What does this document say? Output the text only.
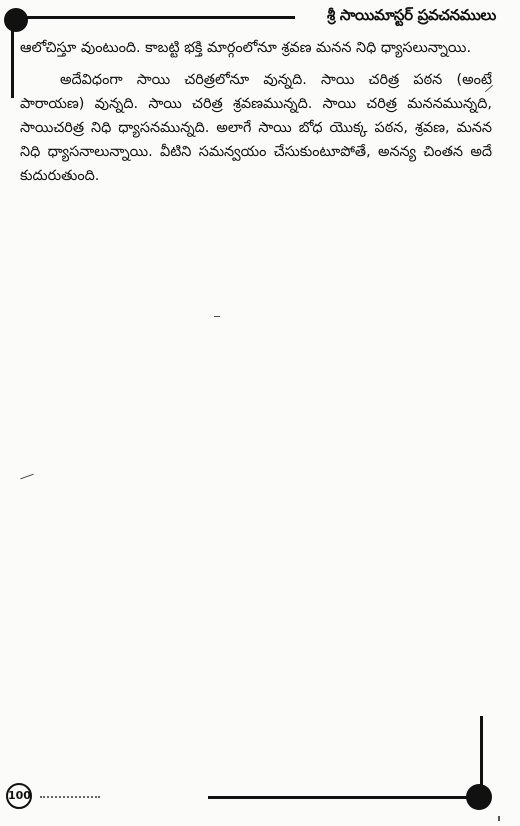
శ్రీ సాయిమాస్టర్ ప్రవచనములు

ఆలోచిస్తూ వుంటుంది. కాబట్టి భక్తి మార్గంలోనూ శ్రవణ మనన నిధి ధ్యాసలున్నాయి.

అదేవిధంగా సాయి చరిత్రలోనూ వున్నది. సాయి చరిత్ర పఠన (అంటే పారాయణ) వున్నది. సాయి చరిత్ర శ్రవణమున్నది. సాయి చరిత్ర మననమున్నది, సాయిచరిత్ర నిధి ధ్యాసనమున్నది. అలాగే సాయి బోధ యొక్క పఠన, శ్రవణ, మనన నిధి ధ్యాసనాలున్నాయి. వీటిని సమన్వయం చేసుకుంటూపోతే, అనన్య చింతన అదే కుదురుతుంది.

100
